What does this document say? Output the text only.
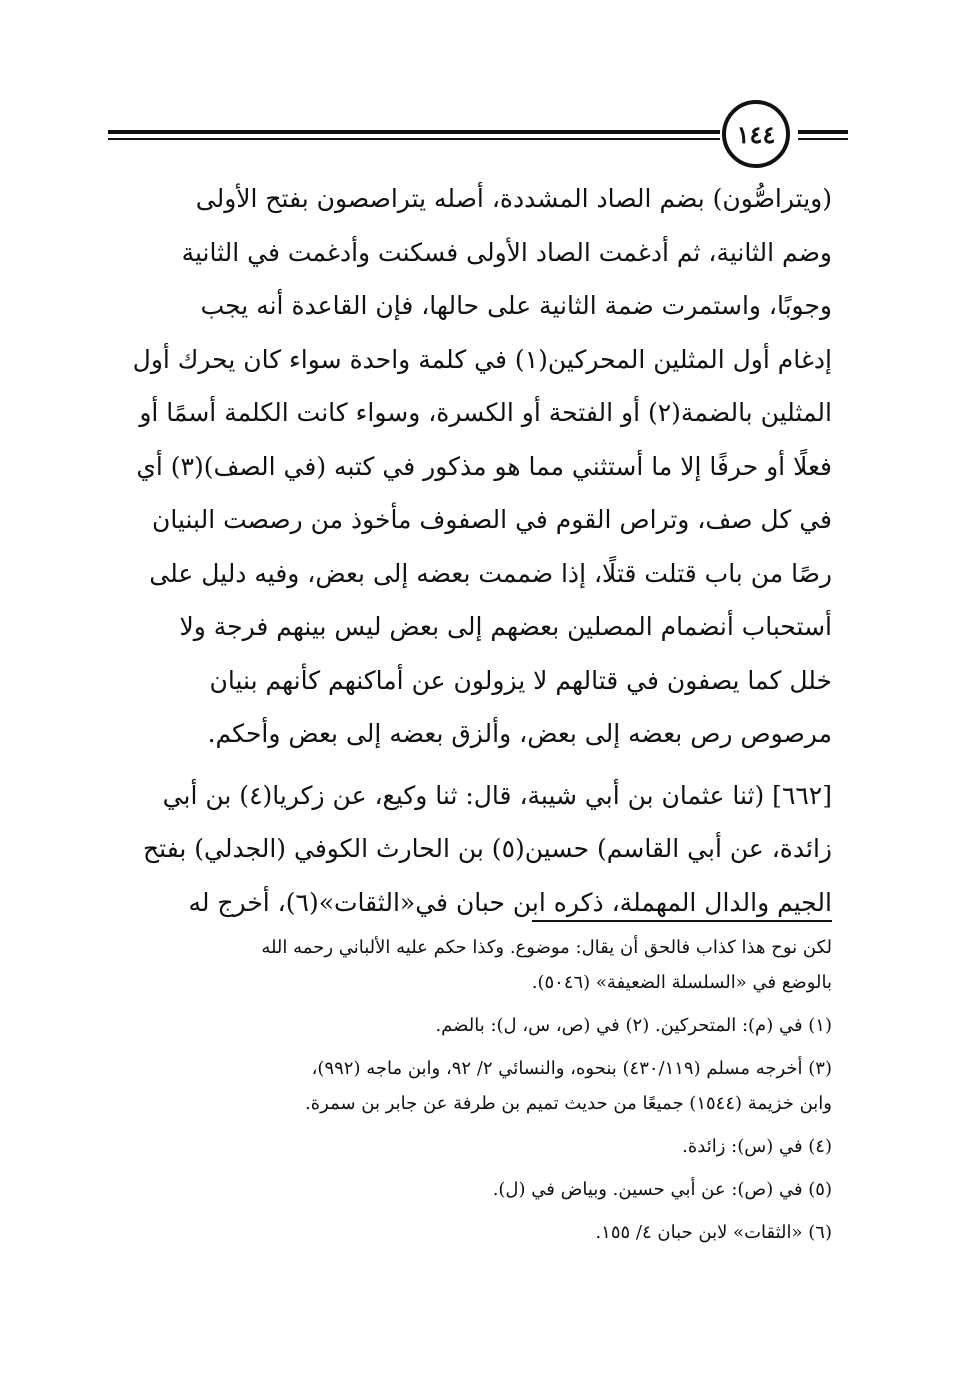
١٤٤
(ويتراصُّون) بضم الصاد المشددة، أصله يتراصصون بفتح الأولى
وضم الثانية، ثم أدغمت الصاد الأولى فسكنت وأدغمت في الثانية
وجوبًا، واستمرت ضمة الثانية على حالها، فإن القاعدة أنه يجب
إدغام أول المثلين المحركين(١) في كلمة واحدة سواء كان يحرك أول
المثلين بالضمة(٢) أو الفتحة أو الكسرة، وسواء كانت الكلمة أسمًا أو
فعلًا أو حرفًا إلا ما أستثني مما هو مذكور في كتبه (في الصف)(٣) أي
في كل صف، وتراص القوم في الصفوف مأخوذ من رصصت البنيان
رصًا من باب قتلت قتلًا، إذا ضممت بعضه إلى بعض، وفيه دليل على
أستحباب أنضمام المصلين بعضهم إلى بعض ليس بينهم فرجة ولا
خلل كما يصفون في قتالهم لا يزولون عن أماكنهم كأنهم بنيان
مرصوص رص بعضه إلى بعض، وألزق بعضه إلى بعض وأحكم.
[٦٦٢] (ثنا عثمان بن أبي شيبة، قال: ثنا وكيع، عن زكريا(٤) بن أبي
زائدة، عن أبي القاسم) حسين(٥) بن الحارث الكوفي (الجدلي) بفتح
الجيم والدال المهملة، ذكره ابن حبان في«الثقات»(٦)، أخرج له
لكن نوح هذا كذاب فالحق أن يقال: موضوع. وكذا حكم عليه الألباني رحمه الله
بالوضع في «السلسلة الضعيفة» (٥٠٤٦).
(١) في (م): المتحركين. (٢) في (ص، س، ل): بالضم.
(٣) أخرجه مسلم (٤٣٠/١١٩) بنحوه، والنسائي ٢/ ٩٢، وابن ماجه (٩٩٢)،
وابن خزيمة (١٥٤٤) جميعًا من حديث تميم بن طرفة عن جابر بن سمرة.
(٤) في (س): زائدة.
(٥) في (ص): عن أبي حسين. وبياض في (ل).
(٦) «الثقات» لابن حبان ٤/ ١٥٥.
